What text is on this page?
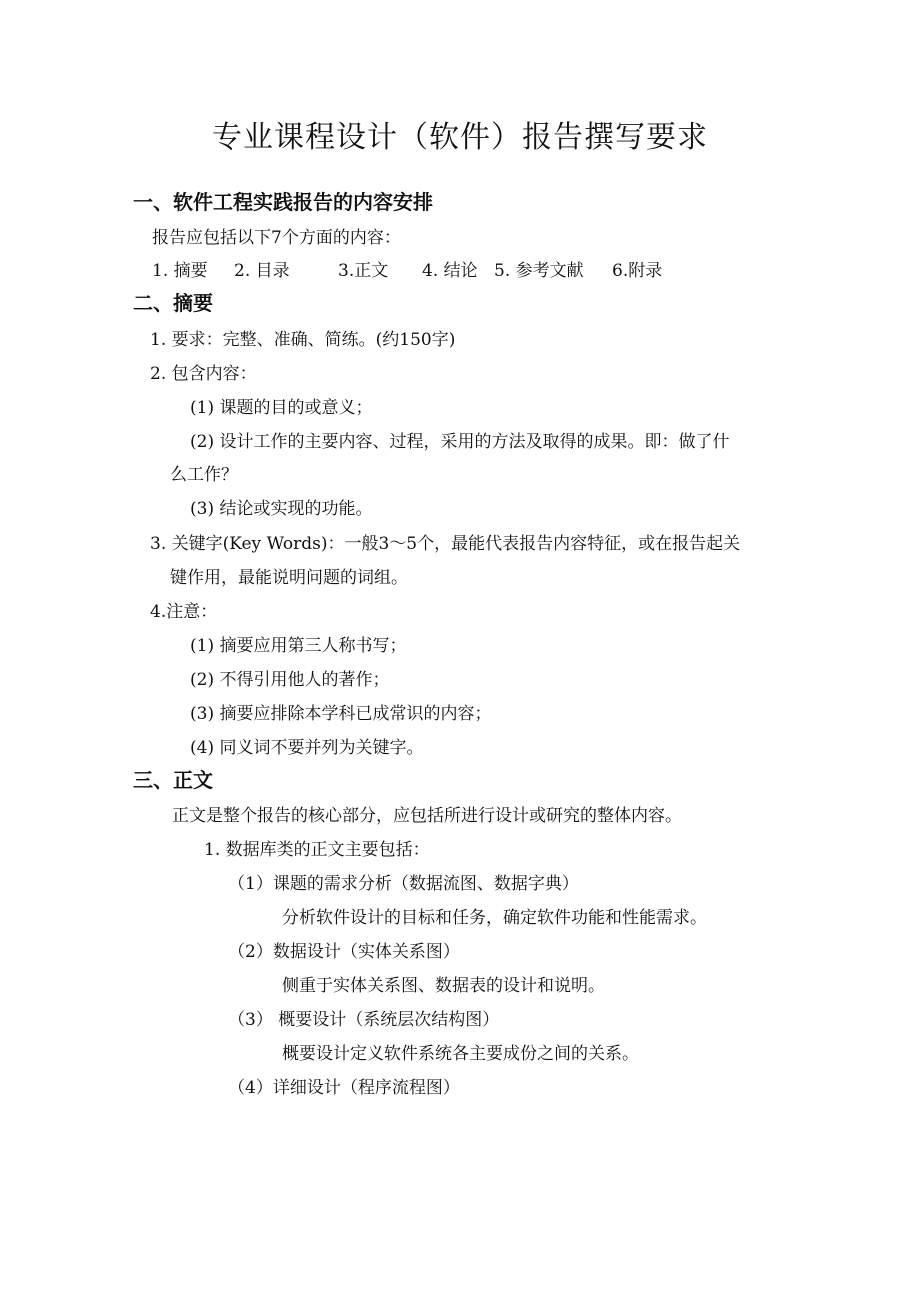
专业课程设计（软件）报告撰写要求
一、软件工程实践报告的内容安排
报告应包括以下7个方面的内容：
1. 摘要 2. 目录	3.正文 4. 结论 5. 参考文献 6.附录
二、摘要
1. 要求：完整、准确、简练。(约150字)
2. 包含内容：
(1) 课题的目的或意义；
(2) 设计工作的主要内容、过程，采用的方法及取得的成果。即：做了什
么工作？
(3) 结论或实现的功能。
3. 关键字(Key Words)：一般3～5个，最能代表报告内容特征，或在报告起关
键作用，最能说明问题的词组。
4.注意：
(1) 摘要应用第三人称书写；
(2) 不得引用他人的著作；
(3) 摘要应排除本学科已成常识的内容；
(4) 同义词不要并列为关键字。
三、正文
正文是整个报告的核心部分，应包括所进行设计或研究的整体内容。
1. 数据库类的正文主要包括：
（1）课题的需求分析（数据流图、数据字典）
分析软件设计的目标和任务，确定软件功能和性能需求。
（2）数据设计（实体关系图）
侧重于实体关系图、数据表的设计和说明。
（3） 概要设计（系统层次结构图）
概要设计定义软件系统各主要成份之间的关系。
（4）详细设计（程序流程图）
